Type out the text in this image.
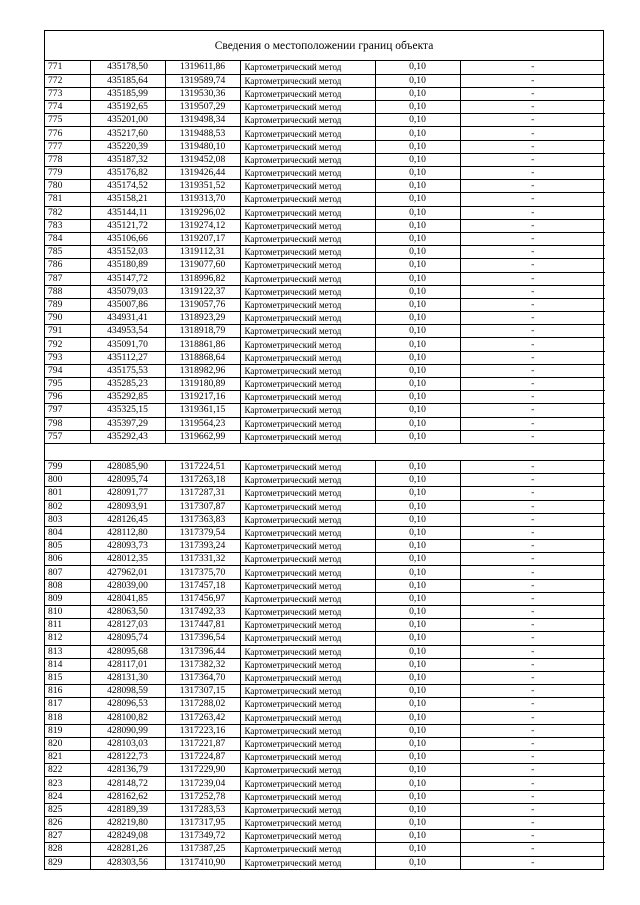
Сведения о местоположении границ объекта
771	435178,50	1319611,86	Картометрический метод	0,10	-
772	435185,64	1319589,74	Картометрический метод	0,10	-
773	435185,99	1319530,36	Картометрический метод	0,10	-
774	435192,65	1319507,29	Картометрический метод	0,10	-
775	435201,00	1319498,34	Картометрический метод	0,10	-
776	435217,60	1319488,53	Картометрический метод	0,10	-
777	435220,39	1319480,10	Картометрический метод	0,10	-
778	435187,32	1319452,08	Картометрический метод	0,10	-
779	435176,82	1319426,44	Картометрический метод	0,10	-
780	435174,52	1319351,52	Картометрический метод	0,10	-
781	435158,21	1319313,70	Картометрический метод	0,10	-
782	435144,11	1319296,02	Картометрический метод	0,10	-
783	435121,72	1319274,12	Картометрический метод	0,10	-
784	435106,66	1319207,17	Картометрический метод	0,10	-
785	435152,03	1319112,31	Картометрический метод	0,10	-
786	435180,89	1319077,60	Картометрический метод	0,10	-
787	435147,72	1318996,82	Картометрический метод	0,10	-
788	435079,03	1319122,37	Картометрический метод	0,10	-
789	435007,86	1319057,76	Картометрический метод	0,10	-
790	434931,41	1318923,29	Картометрический метод	0,10	-
791	434953,54	1318918,79	Картометрический метод	0,10	-
792	435091,70	1318861,86	Картометрический метод	0,10	-
793	435112,27	1318868,64	Картометрический метод	0,10	-
794	435175,53	1318982,96	Картометрический метод	0,10	-
795	435285,23	1319180,89	Картометрический метод	0,10	-
796	435292,85	1319217,16	Картометрический метод	0,10	-
797	435325,15	1319361,15	Картометрический метод	0,10	-
798	435397,29	1319564,23	Картометрический метод	0,10	-
757	435292,43	1319662,99	Картометрический метод	0,10	-

799	428085,90	1317224,51	Картометрический метод	0,10	-
800	428095,74	1317263,18	Картометрический метод	0,10	-
801	428091,77	1317287,31	Картометрический метод	0,10	-
802	428093,91	1317307,87	Картометрический метод	0,10	-
803	428126,45	1317363,83	Картометрический метод	0,10	-
804	428112,80	1317379,54	Картометрический метод	0,10	-
805	428093,73	1317393,24	Картометрический метод	0,10	-
806	428012,35	1317331,32	Картометрический метод	0,10	-
807	427962,01	1317375,70	Картометрический метод	0,10	-
808	428039,00	1317457,18	Картометрический метод	0,10	-
809	428041,85	1317456,97	Картометрический метод	0,10	-
810	428063,50	1317492,33	Картометрический метод	0,10	-
811	428127,03	1317447,81	Картометрический метод	0,10	-
812	428095,74	1317396,54	Картометрический метод	0,10	-
813	428095,68	1317396,44	Картометрический метод	0,10	-
814	428117,01	1317382,32	Картометрический метод	0,10	-
815	428131,30	1317364,70	Картометрический метод	0,10	-
816	428098,59	1317307,15	Картометрический метод	0,10	-
817	428096,53	1317288,02	Картометрический метод	0,10	-
818	428100,82	1317263,42	Картометрический метод	0,10	-
819	428090,99	1317223,16	Картометрический метод	0,10	-
820	428103,03	1317221,87	Картометрический метод	0,10	-
821	428122,73	1317224,87	Картометрический метод	0,10	-
822	428136,79	1317229,90	Картометрический метод	0,10	-
823	428148,72	1317239,04	Картометрический метод	0,10	-
824	428162,62	1317252,78	Картометрический метод	0,10	-
825	428189,39	1317283,53	Картометрический метод	0,10	-
826	428219,80	1317317,95	Картометрический метод	0,10	-
827	428249,08	1317349,72	Картометрический метод	0,10	-
828	428281,26	1317387,25	Картометрический метод	0,10	-
829	428303,56	1317410,90	Картометрический метод	0,10	-
